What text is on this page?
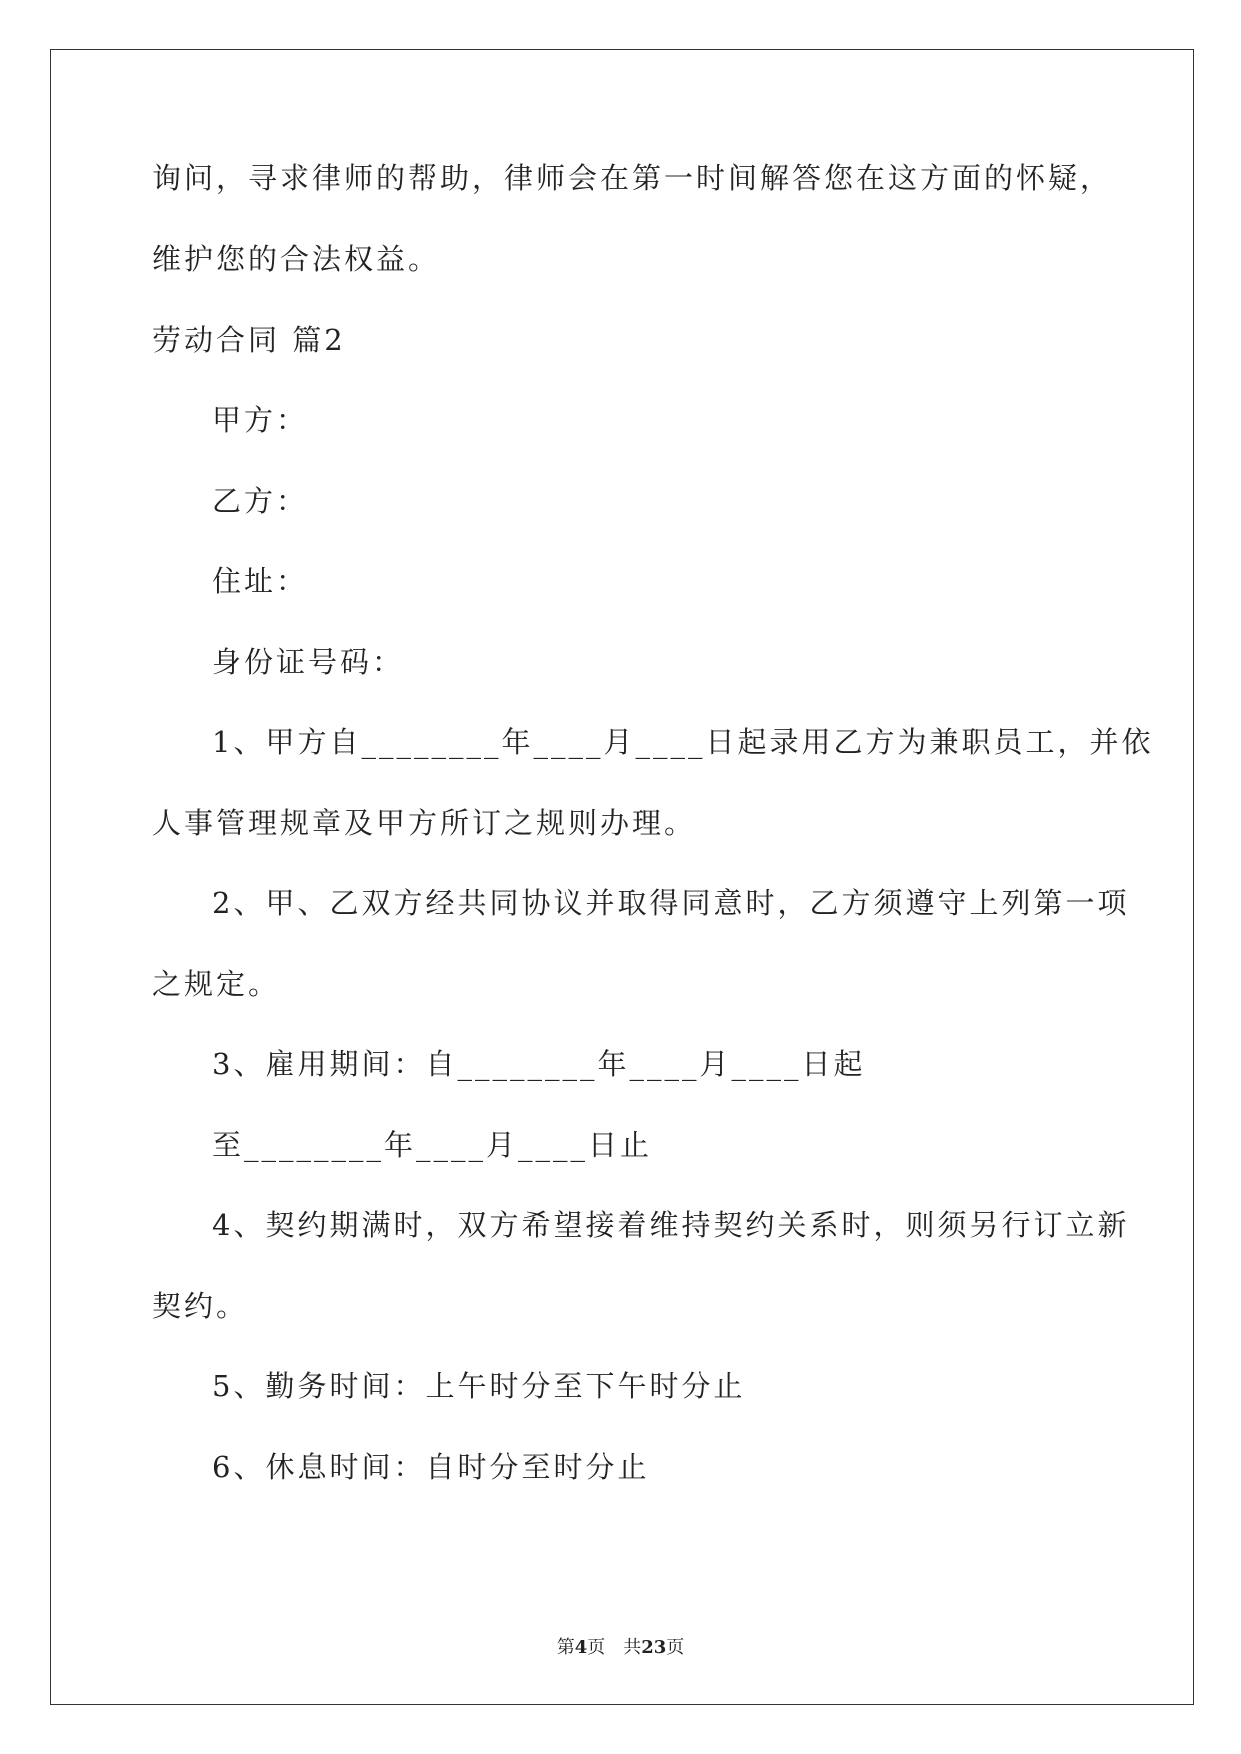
询问，寻求律师的帮助，律师会在第一时间解答您在这方面的怀疑，
维护您的合法权益。
劳动合同 篇2
甲方：
乙方：
住址：
身份证号码：
1、甲方自________年____月____日起录用乙方为兼职员工，并依
人事管理规章及甲方所订之规则办理。
2、甲、乙双方经共同协议并取得同意时，乙方须遵守上列第一项
之规定。
3、雇用期间：自________年____月____日起
至________年____月____日止
4、契约期满时，双方希望接着维持契约关系时，则须另行订立新
契约。
5、勤务时间：上午时分至下午时分止
6、休息时间：自时分至时分止
第4页　共23页
